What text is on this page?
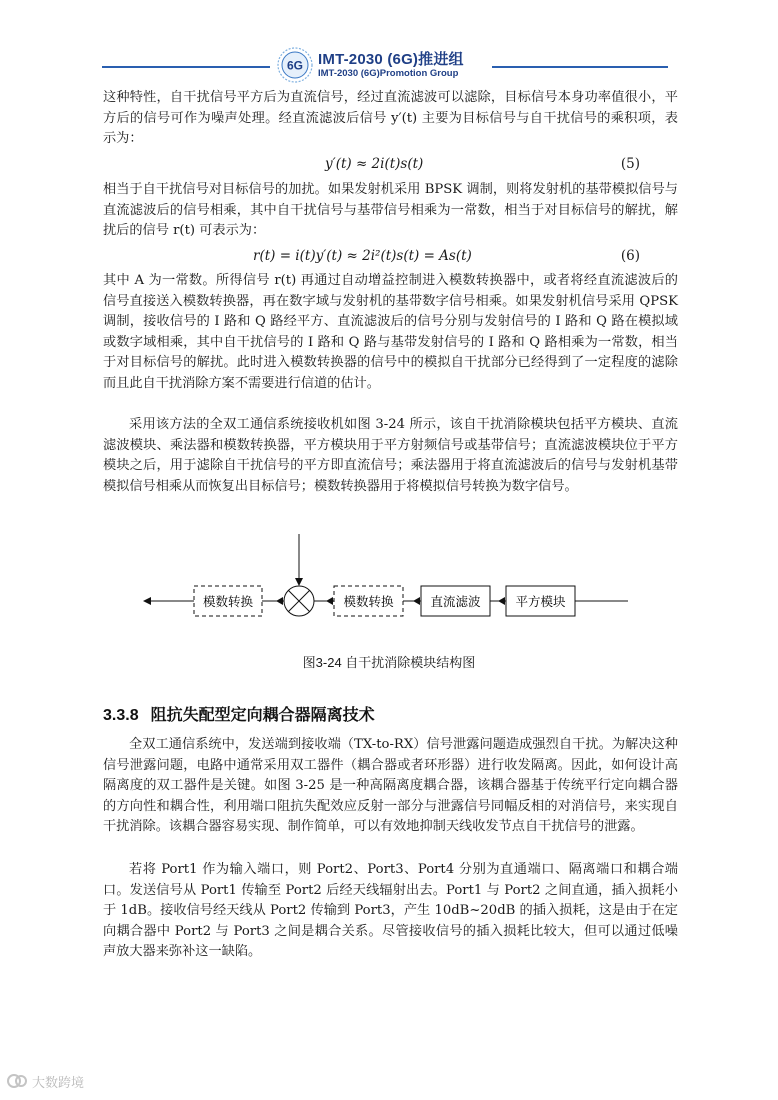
6G IMT-2030 (6G)推进组
IMT-2030 (6G)Promotion Group

这种特性，自干扰信号平方后为直流信号，经过直流滤波可以滤除，目标信号本身功率值很小，平方后的信号可作为噪声处理。经直流滤波后信号 y′(t) 主要为目标信号与自干扰信号的乘积项，表示为：

y′(t) ≈ 2i(t)s(t)	(5)

相当于自干扰信号对目标信号的加扰。如果发射机采用 BPSK 调制，则将发射机的基带模拟信号与直流滤波后的信号相乘，其中自干扰信号与基带信号相乘为一常数，相当于对目标信号的解扰，解扰后的信号 r(t) 可表示为：

r(t) = i(t)y′(t) ≈ 2i²(t)s(t) = As(t)	(6)

其中 A 为一常数。所得信号 r(t) 再通过自动增益控制进入模数转换器中，或者将经直流滤波后的信号直接送入模数转换器，再在数字域与发射机的基带数字信号相乘。如果发射机信号采用 QPSK 调制，接收信号的 I 路和 Q 路经平方、直流滤波后的信号分别与发射信号的 I 路和 Q 路在模拟域或数字域相乘，其中自干扰信号的 I 路和 Q 路与基带发射信号的 I 路和 Q 路相乘为一常数，相当于对目标信号的解扰。此时进入模数转换器的信号中的模拟自干扰部分已经得到了一定程度的滤除而且此自干扰消除方案不需要进行信道的估计。

采用该方法的全双工通信系统接收机如图 3-24 所示，该自干扰消除模块包括平方模块、直流滤波模块、乘法器和模数转换器，平方模块用于平方射频信号或基带信号；直流滤波模块位于平方模块之后，用于滤除自干扰信号的平方即直流信号；乘法器用于将直流滤波后的信号与发射机基带模拟信号相乘从而恢复出目标信号；模数转换器用于将模拟信号转换为数字信号。

模数转换	模数转换	直流滤波	平方模块
图3-24 自干扰消除模块结构图
3.3.8 阻抗失配型定向耦合器隔离技术

全双工通信系统中，发送端到接收端（TX-to-RX）信号泄露问题造成强烈自干扰。为解决这种信号泄露问题，电路中通常采用双工器件（耦合器或者环形器）进行收发隔离。因此，如何设计高隔离度的双工器件是关键。如图 3-25 是一种高隔离度耦合器，该耦合器基于传统平行定向耦合器的方向性和耦合性，利用端口阻抗失配效应反射一部分与泄露信号同幅反相的对消信号，来实现自干扰消除。该耦合器容易实现、制作简单，可以有效地抑制天线收发节点自干扰信号的泄露。

若将 Port1 作为输入端口，则 Port2、Port3、Port4 分别为直通端口、隔离端口和耦合端口。发送信号从 Port1 传输至 Port2 后经天线辐射出去。Port1 与 Port2 之间直通，插入损耗小于 1dB。接收信号经天线从 Port2 传输到 Port3，产生 10dB~20dB 的插入损耗，这是由于在定向耦合器中 Port2 与 Port3 之间是耦合关系。尽管接收信号的插入损耗比较大，但可以通过低噪声放大器来弥补这一缺陷。

大数跨境
